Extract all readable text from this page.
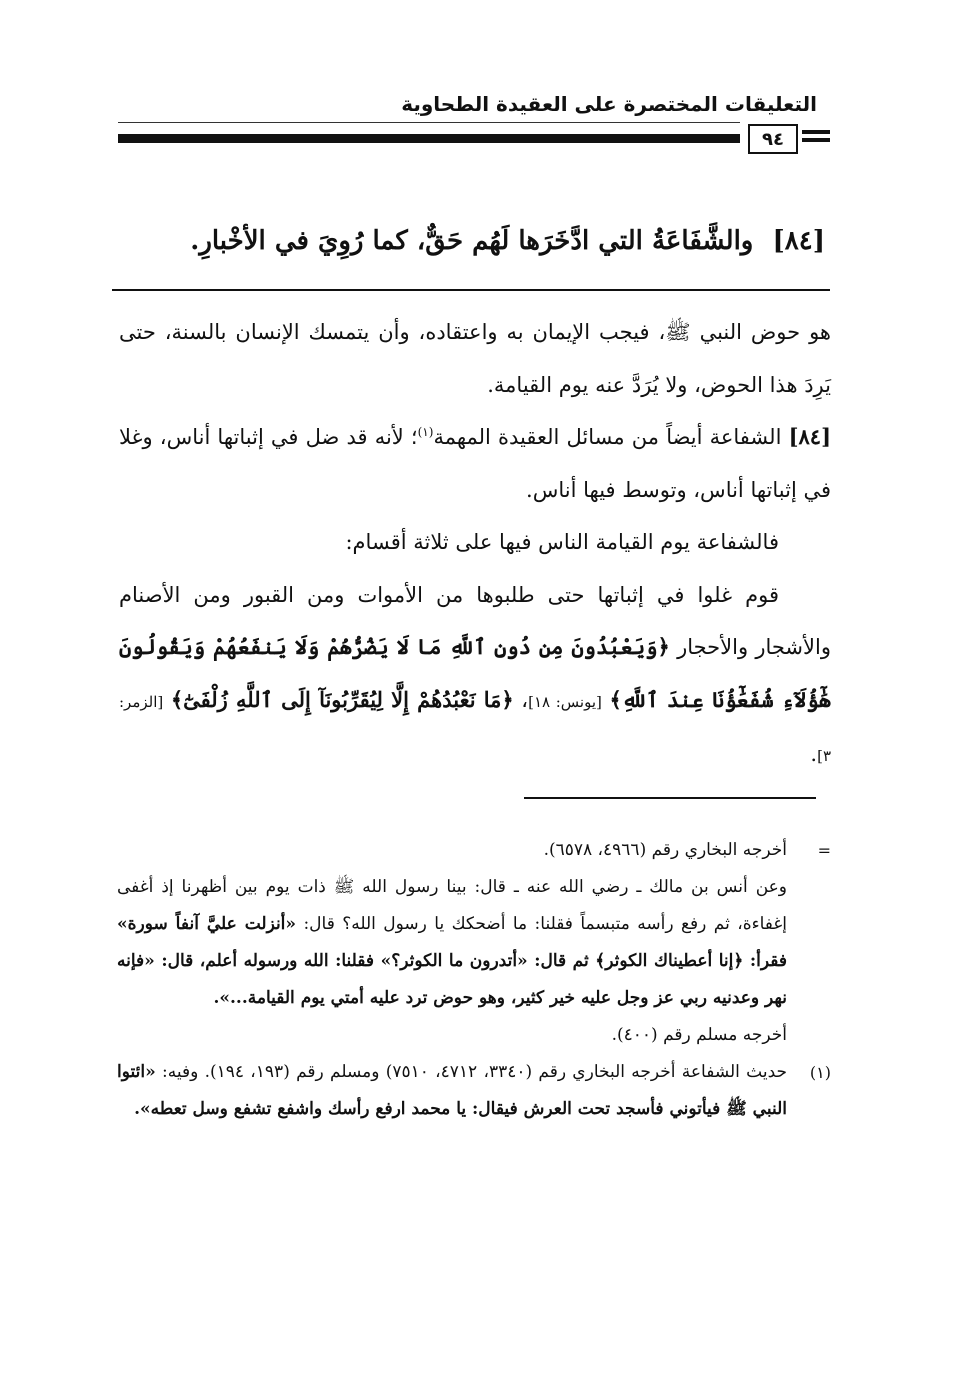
التعليقات المختصرة على العقيدة الطحاوية
٩٤
[٨٤] والشَّفَاعَةُ التي ادَّخَرَها لَهُم حَقٌّ، كما رُوِيَ في الأخْبارِ.

هو حوض النبي ﷺ، فيجب الإيمان به واعتقاده، وأن يتمسك الإنسان بالسنة، حتى يَرِدَ هذا الحوض، ولا يُرَدَّ عنه يوم القيامة.

[٨٤] الشفاعة أيضاً من مسائل العقيدة المهمة$^{(١)}$؛ لأنه قد ضل في إثباتها أناس، وغلا في إثباتها أناس، وتوسط فيها أناس.

فالشفاعة يوم القيامة الناس فيها على ثلاثة أقسام:

قوم غلوا في إثباتها حتى طلبوها من الأموات ومن القبور ومن الأصنام والأشجار والأحجار ﴿وَيَعْبُدُونَ مِن دُونِ ٱللَّهِ مَا لَا يَضُرُّهُمْ وَلَا يَنفَعُهُمْ وَيَقُولُونَ هَٰٓؤُلَآءِ شُفَعَٰٓؤُنَا عِندَ ٱللَّهِ﴾ [يونس: ١٨]، ﴿مَا نَعْبُدُهُمْ إِلَّا لِيُقَرِّبُونَآ إِلَى ٱللَّهِ زُلْفَىٰٓ﴾ [الزمر: ٣].

=

أخرجه البخاري رقم (٤٩٦٦، ٦٥٧٨).

وعن أنس بن مالك ـ رضي الله عنه ـ قال: بينا رسول الله ﷺ ذات يوم بين أظهرنا إذ أغفى إغفاءة، ثم رفع رأسه متبسماً فقلنا: ما أضحكك يا رسول الله؟ قال: «أنزلت عليَّ آنفاً سورة» فقرأ: ﴿إنا أعطيناك الكوثر﴾ ثم قال: «أتدرون ما الكوثر؟» فقلنا: الله ورسوله أعلم، قال: «فإنه نهر وعدنيه ربي عز وجل عليه خير كثير، وهو حوض ترد عليه أمتي يوم القيامة...».

أخرجه مسلم رقم (٤٠٠).

(١)

حديث الشفاعة أخرجه البخاري رقم (٣٣٤٠، ٤٧١٢، ٧٥١٠) ومسلم رقم (١٩٣، ١٩٤). وفيه: «ائتوا النبي ﷺ فيأتوني فأسجد تحت العرش فيقال: يا محمد ارفع رأسك واشفع تشفع وسل تعطه».
